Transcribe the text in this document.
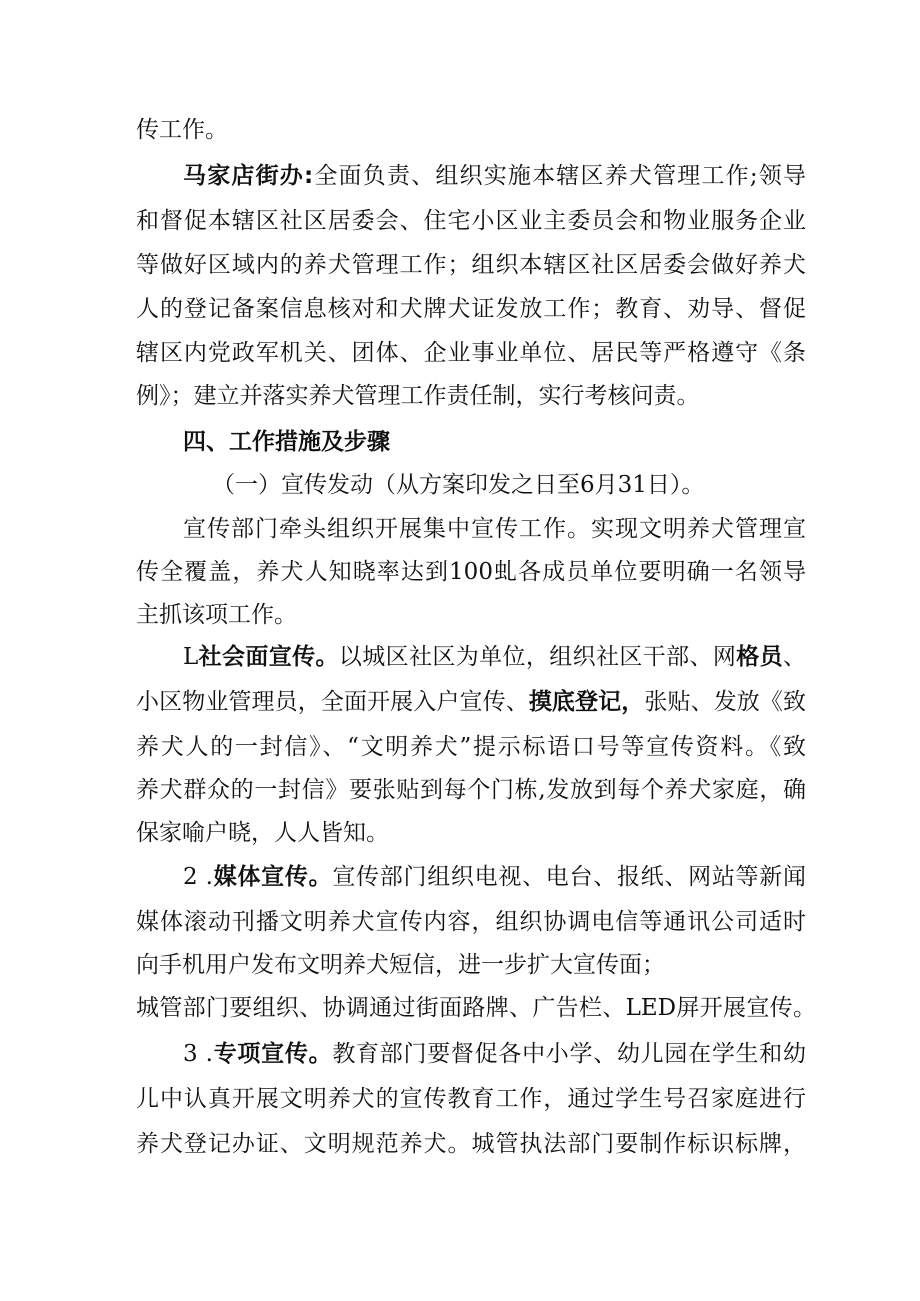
传工作。
马家店街办:全面负责、组织实施本辖区养犬管理工作;领导
和督促本辖区社区居委会、住宅小区业主委员会和物业服务企业
等做好区域内的养犬管理工作；组织本辖区社区居委会做好养犬
人的登记备案信息核对和犬牌犬证发放工作；教育、劝导、督促
辖区内党政军机关、团体、企业事业单位、居民等严格遵守《条
例》；建立并落实养犬管理工作责任制，实行考核问责。
四、工作措施及步骤
（一）宣传发动（从方案印发之日至6月31日）。
宣传部门牵头组织开展集中宣传工作。实现文明养犬管理宣
传全覆盖，养犬人知晓率达到100虬各成员单位要明确一名领导
主抓该项工作。
L社会面宣传。以城区社区为单位，组织社区干部、网格员、
小区物业管理员，全面开展入户宣传、摸底登记，张贴、发放《致
养犬人的一封信》、“文明养犬”提示标语口号等宣传资料。《致
养犬群众的一封信》要张贴到每个门栋,发放到每个养犬家庭，确
保家喻户晓，人人皆知。
2 .媒体宣传。宣传部门组织电视、电台、报纸、网站等新闻
媒体滚动刊播文明养犬宣传内容，组织协调电信等通讯公司适时
向手机用户发布文明养犬短信，进一步扩大宣传面；
城管部门要组织、协调通过街面路牌、广告栏、LED屏开展宣传。
3 .专项宣传。教育部门要督促各中小学、幼儿园在学生和幼
儿中认真开展文明养犬的宣传教育工作，通过学生号召家庭进行
养犬登记办证、文明规范养犬。城管执法部门要制作标识标牌，
